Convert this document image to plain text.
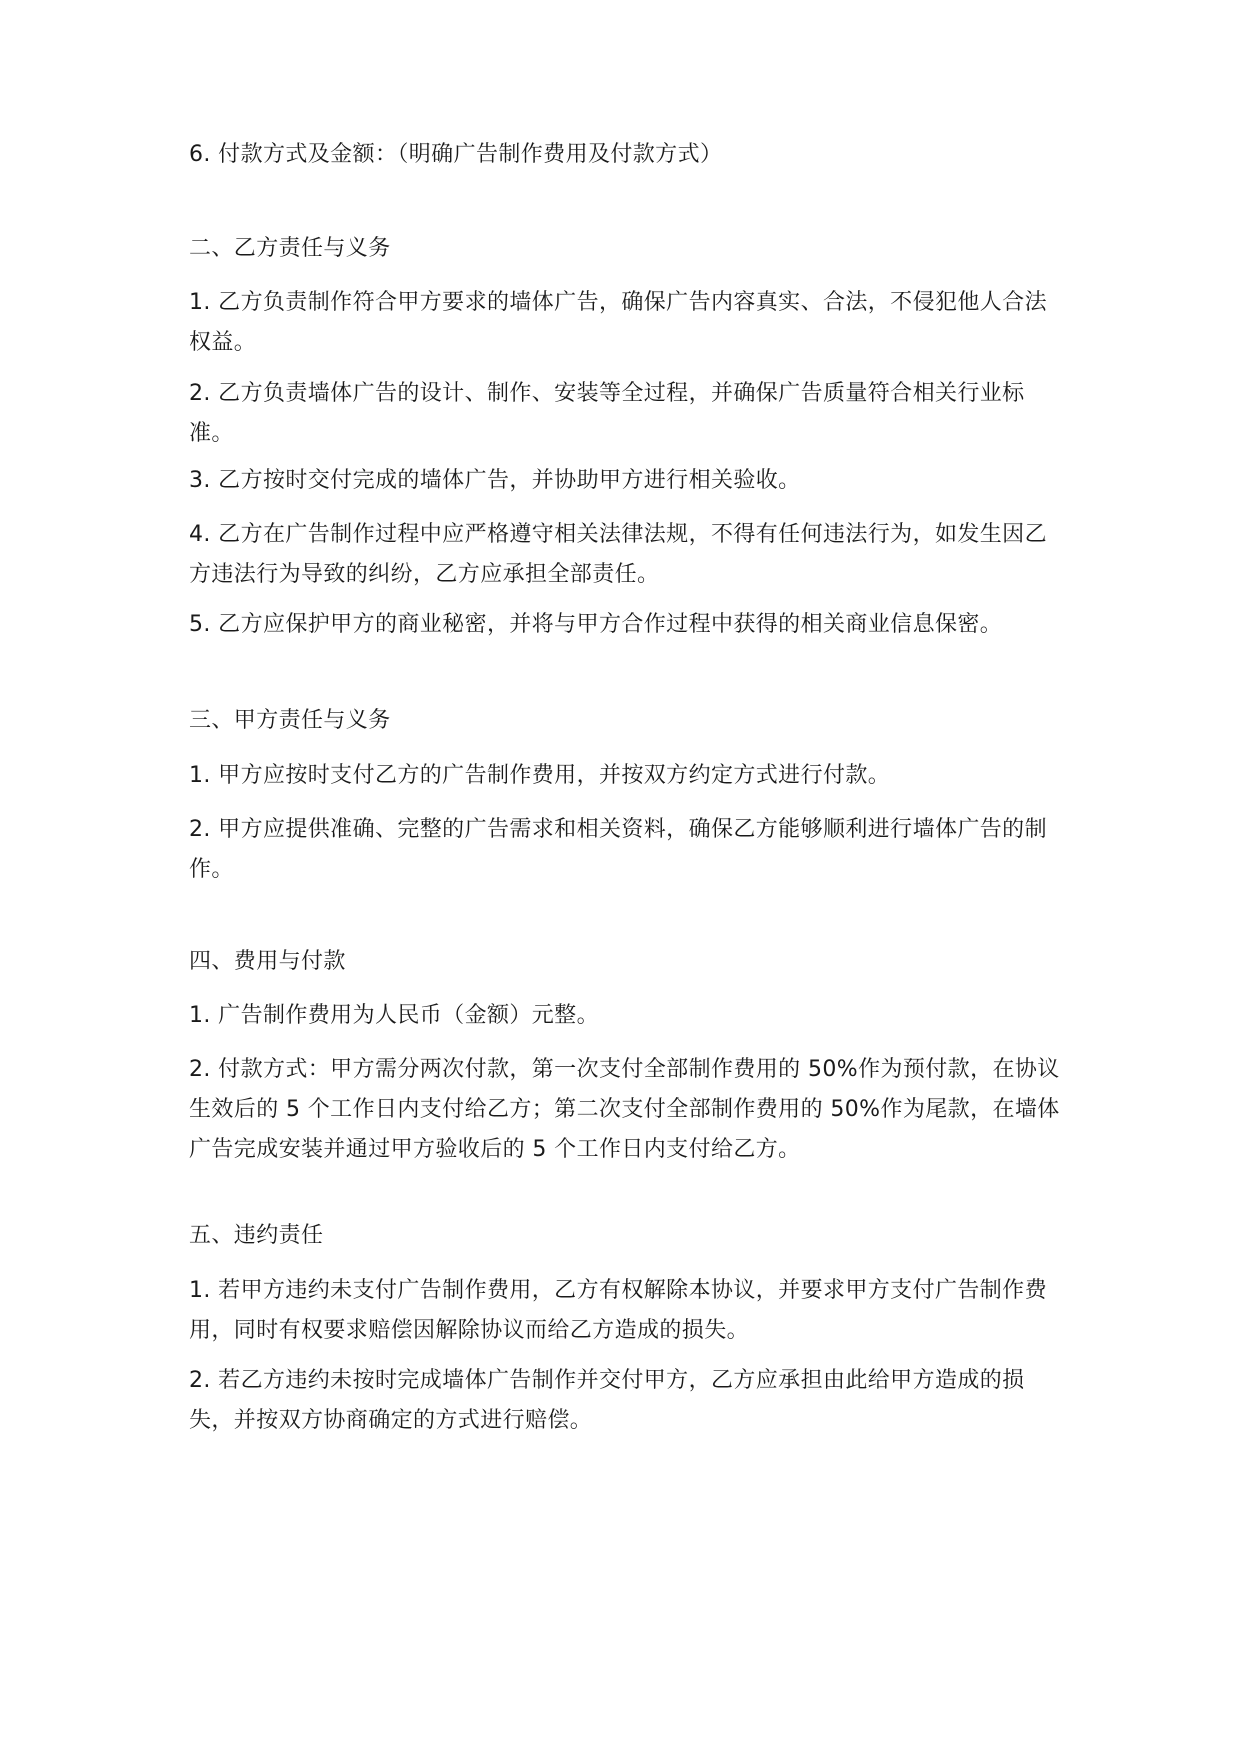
6. 付款方式及金额：（明确广告制作费用及付款方式）

二、乙方责任与义务

1. 乙方负责制作符合甲方要求的墙体广告，确保广告内容真实、合法，不侵犯他人合法权益。

2. 乙方负责墙体广告的设计、制作、安装等全过程，并确保广告质量符合相关行业标准。

3. 乙方按时交付完成的墙体广告，并协助甲方进行相关验收。

4. 乙方在广告制作过程中应严格遵守相关法律法规，不得有任何违法行为，如发生因乙方违法行为导致的纠纷，乙方应承担全部责任。

5. 乙方应保护甲方的商业秘密，并将与甲方合作过程中获得的相关商业信息保密。

三、甲方责任与义务

1. 甲方应按时支付乙方的广告制作费用，并按双方约定方式进行付款。

2. 甲方应提供准确、完整的广告需求和相关资料，确保乙方能够顺利进行墙体广告的制作。

四、费用与付款

1. 广告制作费用为人民币（金额）元整。

2. 付款方式：甲方需分两次付款，第一次支付全部制作费用的 50%作为预付款，在协议生效后的 5 个工作日内支付给乙方；第二次支付全部制作费用的 50%作为尾款，在墙体广告完成安装并通过甲方验收后的 5 个工作日内支付给乙方。

五、违约责任

1. 若甲方违约未支付广告制作费用，乙方有权解除本协议，并要求甲方支付广告制作费用，同时有权要求赔偿因解除协议而给乙方造成的损失。

2. 若乙方违约未按时完成墙体广告制作并交付甲方，乙方应承担由此给甲方造成的损失，并按双方协商确定的方式进行赔偿。
